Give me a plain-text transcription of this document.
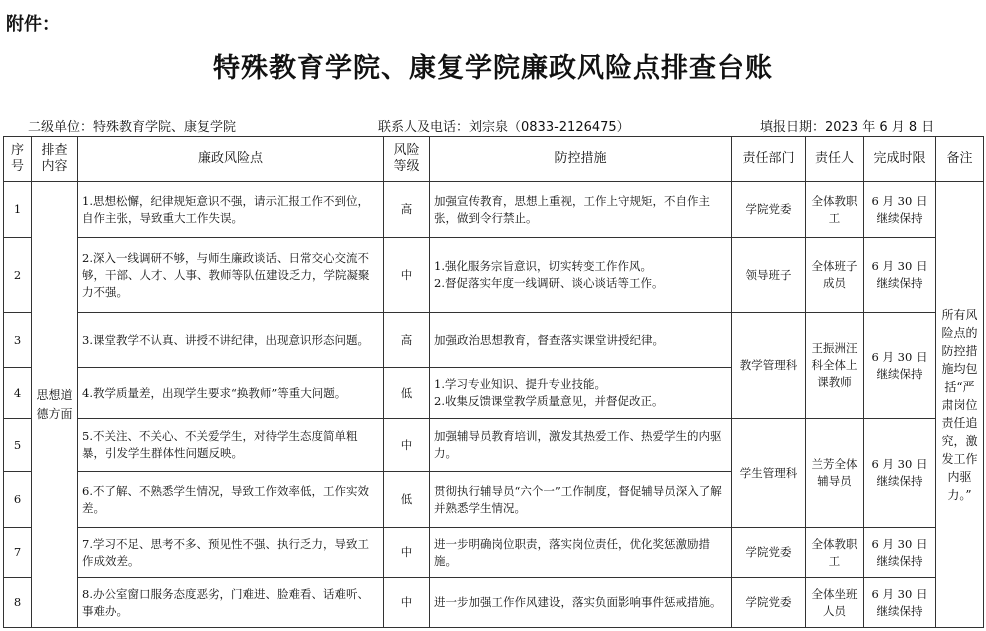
附件：
特殊教育学院、康复学院廉政风险点排查台账
二级单位：特殊教育学院、康复学院	联系人及电话：刘宗泉（0833-2126475）	填报日期：2023 年 6 月 8 日
序号	排查内容	廉政风险点	风险等级	防控措施	责任部门	责任人	完成时限	备注
1	思想道德方面	1.思想松懈，纪律规矩意识不强，请示汇报工作不到位，自作主张，导致重大工作失误。	高	加强宣传教育，思想上重视，工作上守规矩，不自作主张，做到令行禁止。	学院党委	全体教职工	6 月 30 日继续保持	所有风险点的防控措施均包括“严肃岗位责任追究，激发工作内驱力。”
2		2.深入一线调研不够，与师生廉政谈话、日常交心交流不够，干部、人才、人事、教师等队伍建设乏力，学院凝聚力不强。	中	1.强化服务宗旨意识，切实转变工作作风。
2.督促落实年度一线调研、谈心谈话等工作。	领导班子	全体班子成员	6 月 30 日继续保持	
3		3.课堂教学不认真、讲授不讲纪律，出现意识形态问题。	高	加强政治思想教育，督查落实课堂讲授纪律。	教学管理科	王振洲汪科全体上课教师	6 月 30 日继续保持	
4		4.教学质量差，出现学生要求“换教师”等重大问题。	低	1.学习专业知识、提升专业技能。
2.收集反馈课堂教学质量意见，并督促改正。				

5		5.不关注、不关心、不关爱学生，对待学生态度简单粗暴，引发学生群体性问题反映。	中	加强辅导员教育培训，激发其热爱工作、热爱学生的内驱力。	学生管理科	兰芳全体辅导员	6 月 30 日继续保持	
6		6.不了解、不熟悉学生情况，导致工作效率低，工作实效差。	低	贯彻执行辅导员“六个一”工作制度，督促辅导员深入了解并熟悉学生情况。				

7		7.学习不足、思考不多、预见性不强、执行乏力，导致工作成效差。	中	进一步明确岗位职责，落实岗位责任，优化奖惩激励措施。	学院党委	全体教职工	6 月 30 日继续保持	
8		8.办公室窗口服务态度恶劣，门难进、脸难看、话难听、事难办。	中	进一步加强工作作风建设，落实负面影响事件惩戒措施。	学院党委	全体坐班人员	6 月 30 日继续保持	
